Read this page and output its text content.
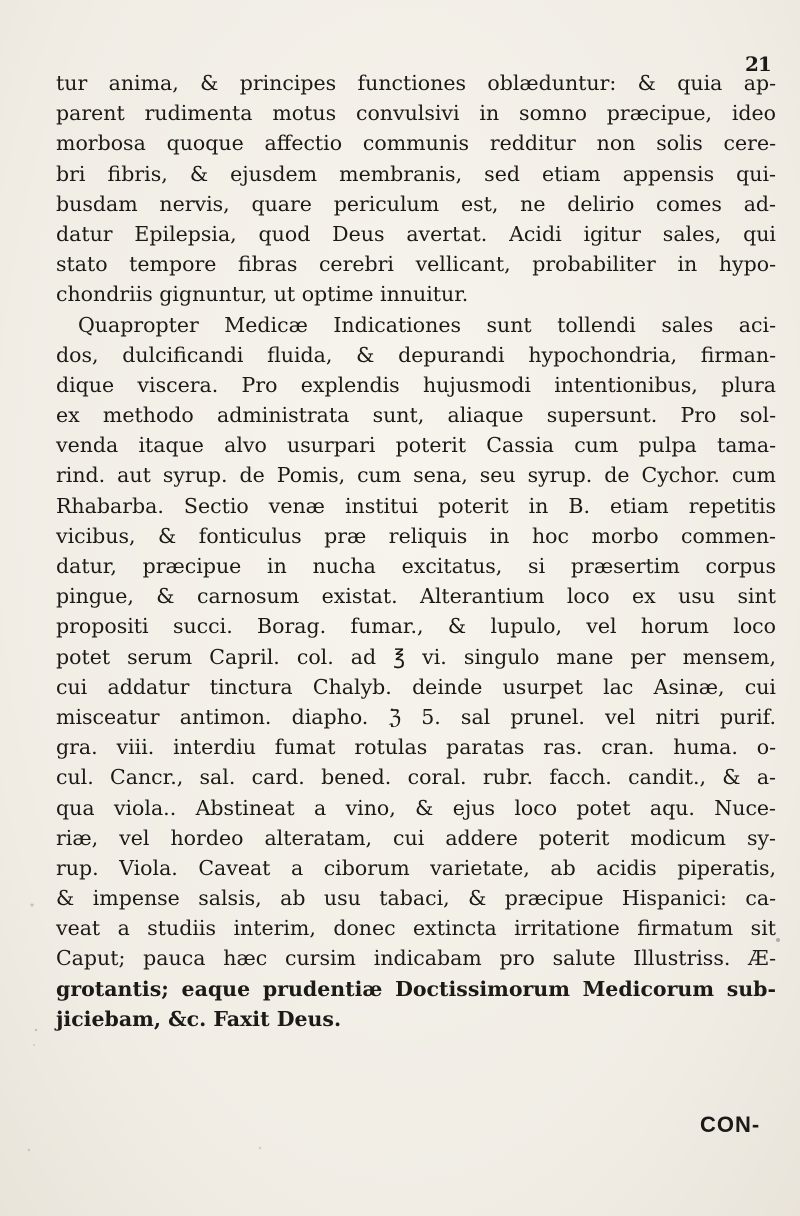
21
tur anima, & principes functiones oblæduntur: & quia ap-
parent rudimenta motus convulsivi in somno præcipue, ideo
morbosa quoque affectio communis redditur non solis cere-
bri fibris, & ejusdem membranis, sed etiam appensis qui-
busdam nervis, quare periculum est, ne delirio comes ad-
datur Epilepsia, quod Deus avertat. Acidi igitur sales, qui
stato tempore fibras cerebri vellicant, probabiliter in hypo-
chondriis gignuntur, ut optime innuitur.
Quapropter Medicæ Indicationes sunt tollendi sales aci-
dos, dulcificandi fluida, & depurandi hypochondria, firman-
dique viscera. Pro explendis hujusmodi intentionibus, plura
ex methodo administrata sunt, aliaque supersunt. Pro sol-
venda itaque alvo usurpari poterit Cassia cum pulpa tama-
rind. aut syrup. de Pomis, cum sena, seu syrup. de Cychor. cum
Rhabarba. Sectio venæ institui poterit in B. etiam repetitis
vicibus, & fonticulus præ reliquis in hoc morbo commen-
datur, præcipue in nucha excitatus, si præsertim corpus
pingue, & carnosum existat. Alterantium loco ex usu sint
propositi succi. Borag. fumar., & lupulo, vel horum loco
potet serum Capril. col. ad ℥ vi. singulo mane per mensem,
cui addatur tinctura Chalyb. deinde usurpet lac Asinæ, cui
misceatur antimon. diapho. ℨ 5. sal prunel. vel nitri purif.
gra. viii. interdiu fumat rotulas paratas ras. cran. huma. o-
cul. Cancr., sal. card. bened. coral. rubr. facch. candit., & a-
qua viola.. Abstineat a vino, & ejus loco potet aqu. Nuce-
riæ, vel hordeo alteratam, cui addere poterit modicum sy-
rup. Viola. Caveat a ciborum varietate, ab acidis piperatis,
& impense salsis, ab usu tabaci, & præcipue Hispanici: ca-
veat a studiis interim, donec extincta irritatione firmatum sit
Caput; pauca hæc cursim indicabam pro salute Illustriss. Æ-
grotantis; eaque prudentiæ Doctissimorum Medicorum sub-
jiciebam, &c. Faxit Deus.
CON-
